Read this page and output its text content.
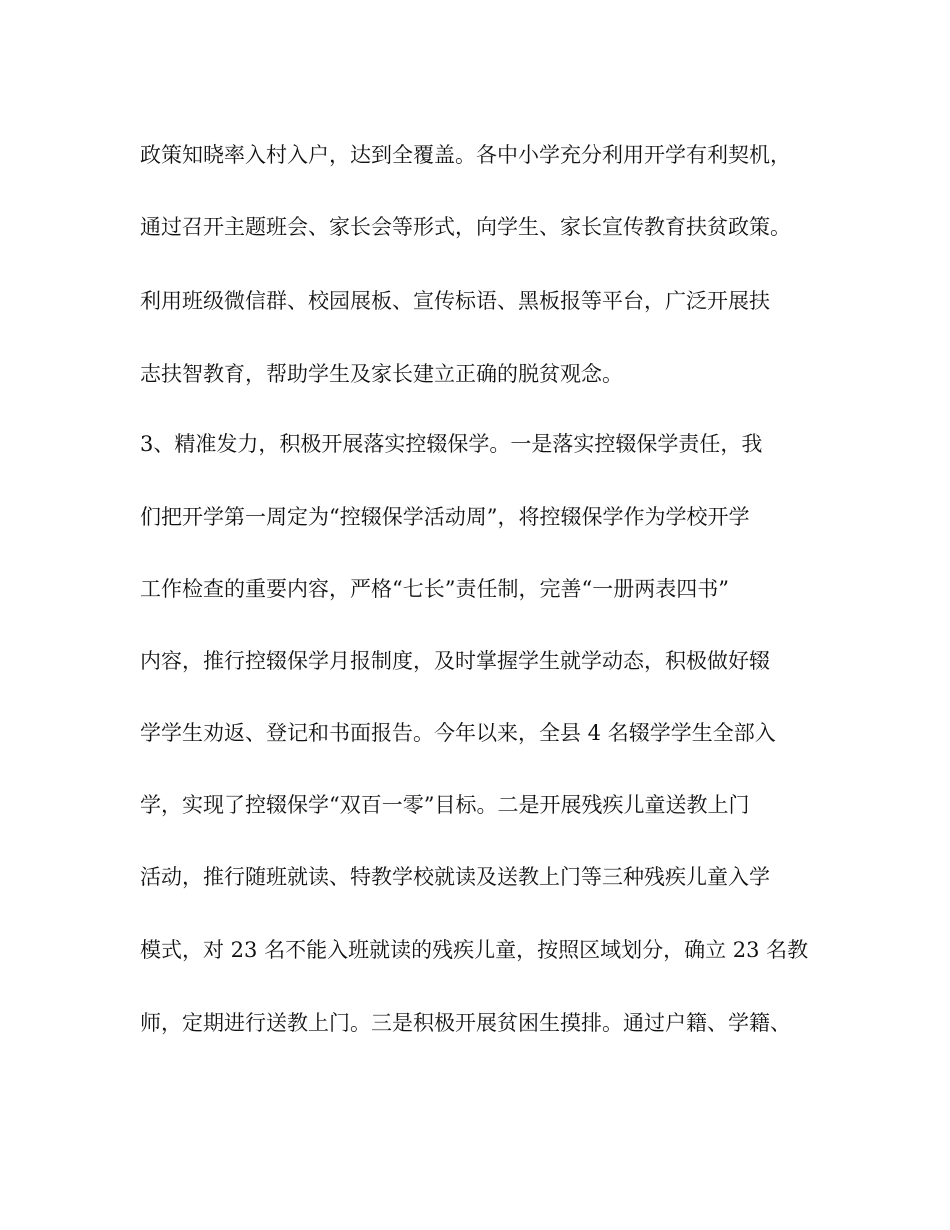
政策知晓率入村入户，达到全覆盖。各中小学充分利用开学有利契机，
通过召开主题班会、家长会等形式，向学生、家长宣传教育扶贫政策。
利用班级微信群、校园展板、宣传标语、黑板报等平台，广泛开展扶
志扶智教育，帮助学生及家长建立正确的脱贫观念。
3、精准发力，积极开展落实控辍保学。一是落实控辍保学责任，我
们把开学第一周定为“控辍保学活动周”，将控辍保学作为学校开学
工作检查的重要内容，严格“七长”责任制，完善“一册两表四书”
内容，推行控辍保学月报制度，及时掌握学生就学动态，积极做好辍
学学生劝返、登记和书面报告。今年以来，全县 4 名辍学学生全部入
学，实现了控辍保学“双百一零”目标。二是开展残疾儿童送教上门
活动，推行随班就读、特教学校就读及送教上门等三种残疾儿童入学
模式，对 23 名不能入班就读的残疾儿童，按照区域划分，确立 23 名教
师，定期进行送教上门。三是积极开展贫困生摸排。通过户籍、学籍、
